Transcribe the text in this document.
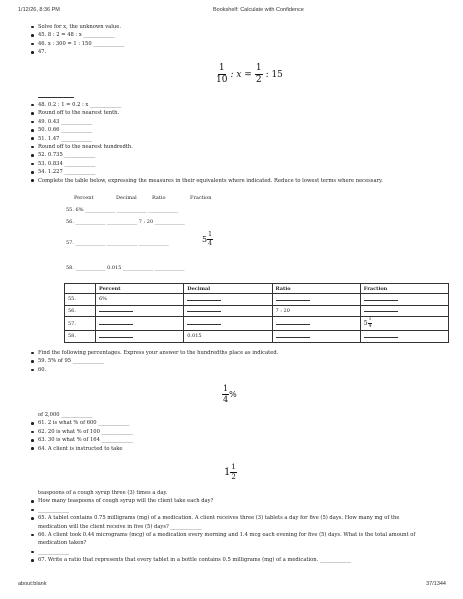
1/12/26, 8:36 PM	Bookshelf: Calculate with Confidence
Solve for x, the unknown value.
45. 8 : 2 = 48 : x ____________
46. x : 300 = 1 : 150 ____________
47.
$\frac{1}{10}$ : $x = \frac{1}{2}$ : 15
48. 0.2 : 1 = 0.2 : x ____________
Round off to the nearest tenth.
49. 0.43 ____________
50. 0.66 ____________
51. 1.47 ____________
Round off to the nearest hundredth.
52. 0.735 ____________
53. 0.834 ____________
54. 1.227 ____________
Complete the table below, expressing the measures in their equivalents where indicated. Reduce to lowest terms where necessary.
Percent	Decimal	Ratio	Fraction
55. 6% ____________ ____________ ____________
56. ____________ ____________ 7 : 20 ____________
57. ____________ ____________ ____________	$5 \frac{1}{4}$
58. ____________ 0.015 ____________ ____________
	Percent	Decimal	Ratio	Fraction
55.	6%			
56.			7 : 20	
57.				$5 \frac{1}{4}$

58.		0.015		
Find the following percentages. Express your answer to the hundredths place as indicated.
59. 5% of 95 ____________
60.
$\frac{1}{4}$ %
of 2,000 ____________
61. 2 is what % of 600 ____________
62. 20 is what % of 100 ____________
63. 30 is what % of 164 ____________
64. A client is instructed to take
$1 \frac{1}{2}$
teaspoons of a cough syrup three (3) times a day.
How many teaspoons of cough syrup will the client take each day?
____________
65. A tablet contains 0.75 milligrams (mg) of a medication. A client receives three (3) tablets a day for five (5) days. How many mg of the
medication will the client receive in five (5) days? ____________
66. A client took 0.44 micrograms (mcg) of a medication every morning and 1.4 mcg each evening for five (5) days. What is the total amount of
medication taken?
____________
67. Write a ratio that represents that every tablet in a bottle contains 0.5 milligrams (mg) of a medication. ____________
about:blank	37/1344
